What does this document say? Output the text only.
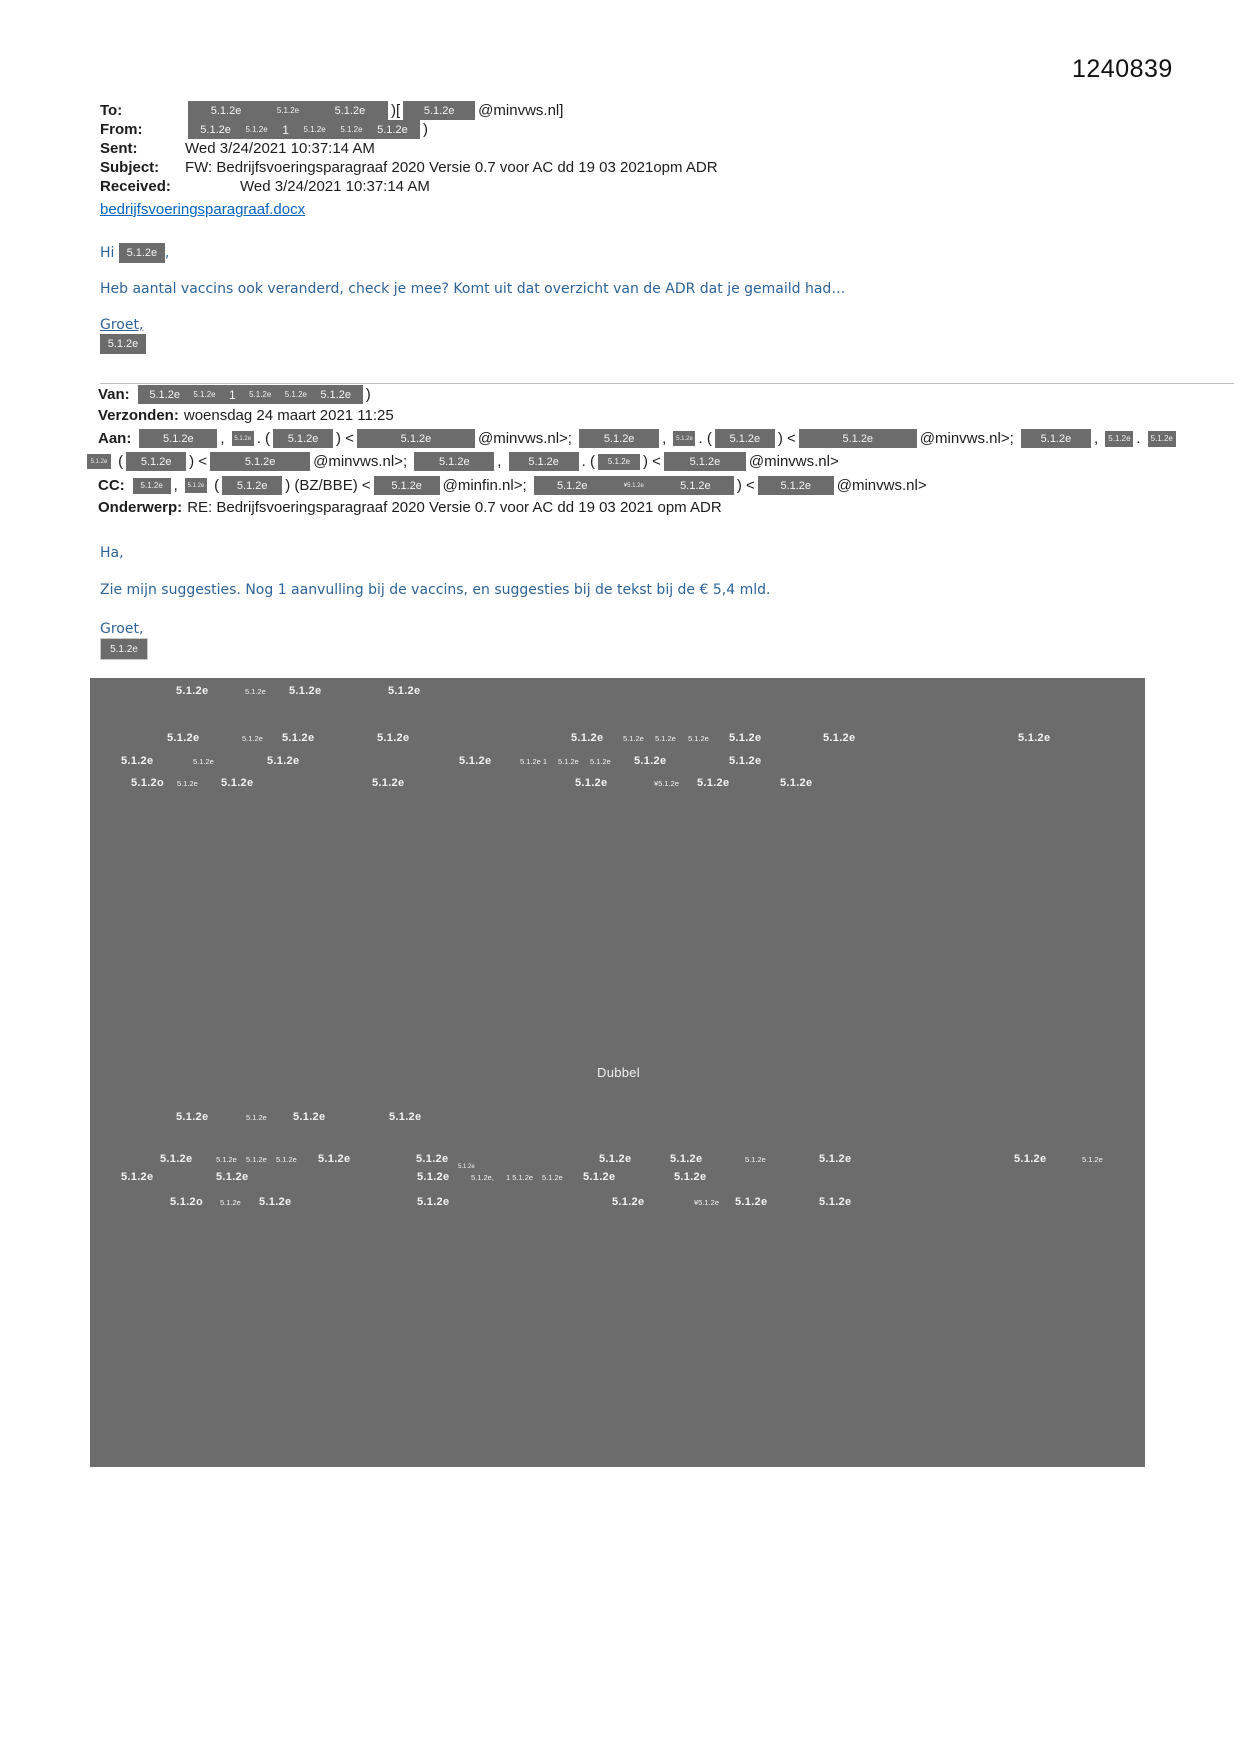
1240839
To:	5.1.2e	5.1.2e	5.1.2e )[ 5.1.2e @minvws.nl]
From:	5.1.2e 5.1.2e 1 5.1.2e 5.1.2e 5.1.2e )
Sent:	Wed 3/24/2021 10:37:14 AM
Subject:	FW: Bedrijfsvoeringsparagraaf 2020 Versie 0.7 voor AC dd 19 03 2021opm ADR
Received:	Wed 3/24/2021 10:37:14 AM
bedrijfsvoeringsparagraaf.docx
Hi 5.1.2e ,
Heb aantal vaccins ook veranderd, check je mee? Komt uit dat overzicht van de ADR dat je gemaild had…
Groet,
5.1.2e
Van: 5.1.2e 5.1.2e 1 5.1.2e 5.1.2e 5.1.2e )
Verzonden: woensdag 24 maart 2021 11:25
Aan:	5.1.2e , 5.1.2e . ( 5.1.2e ) <	5.1.2e	@minvws.nl>;	5.1.2e , 5.1.2e . ( 5.1.2e ) <	5.1.2e	@minvws.nl>; 5.1.2e , 5.1.2e . 5.1.2e
5.1.2e ( 5.1.2e ) <	5.1.2e	@minvws.nl>;	5.1.2e , 5.1.2e . ( 5.1.2e ) <	5.1.2e @minvws.nl>
CC: 5.1.2e , 5.1.2e ( 5.1.2e ) (BZ/BBE) < 5.1.2e @minfin.nl>; 5.1.2e	¥5.1.2e	5.1.2e ) < 5.1.2e @minvws.nl>
Onderwerp: RE: Bedrijfsvoeringsparagraaf 2020 Versie 0.7 voor AC dd 19 03 2021 opm ADR
Ha,
Zie mijn suggesties. Nog 1 aanvulling bij de vaccins, en suggesties bij de tekst bij de € 5,4 mld.
Groet,
5.1.2e
Dubbel
5.1.2e	5.1.2e 5.1.2e	5.1.2e
5.1.2e	5.1.2e 5.1.2e	5.1.2e	5.1.2e	5.1.2e 5.1.2e 5.1.2e 5.1.2e	5.1.2e	5.1.2e
5.1.2e	5.1.2e	5.1.2e	5.1.2e	5.1.2e 1 5.1.2e 5.1.2e 5.1.2e	5.1.2e
5.1.2o 5.1.2e 5.1.2e	5.1.2e	5.1.2e	¥5.1.2e 5.1.2e	5.1.2e
5.1.2e	5.1.2e 5.1.2e	5.1.2e
5.1.2e	5.1.2e 5.1.2e 5.1.2e 5.1.2e	5.1.2e	5.1.2e	5.1.2e	5.1.2e	5.1.2e	5.1.2e	5.1.2e
5.1.2e	5.1.2e	5.1.2e
5.1.2e
5.1.2e, 1 5.1.2e 5.1.2e 5.1.2e	5.1.2e
5.1.2o 5.1.2e 5.1.2e	5.1.2e	5.1.2e	¥5.1.2e 5.1.2e	5.1.2e
